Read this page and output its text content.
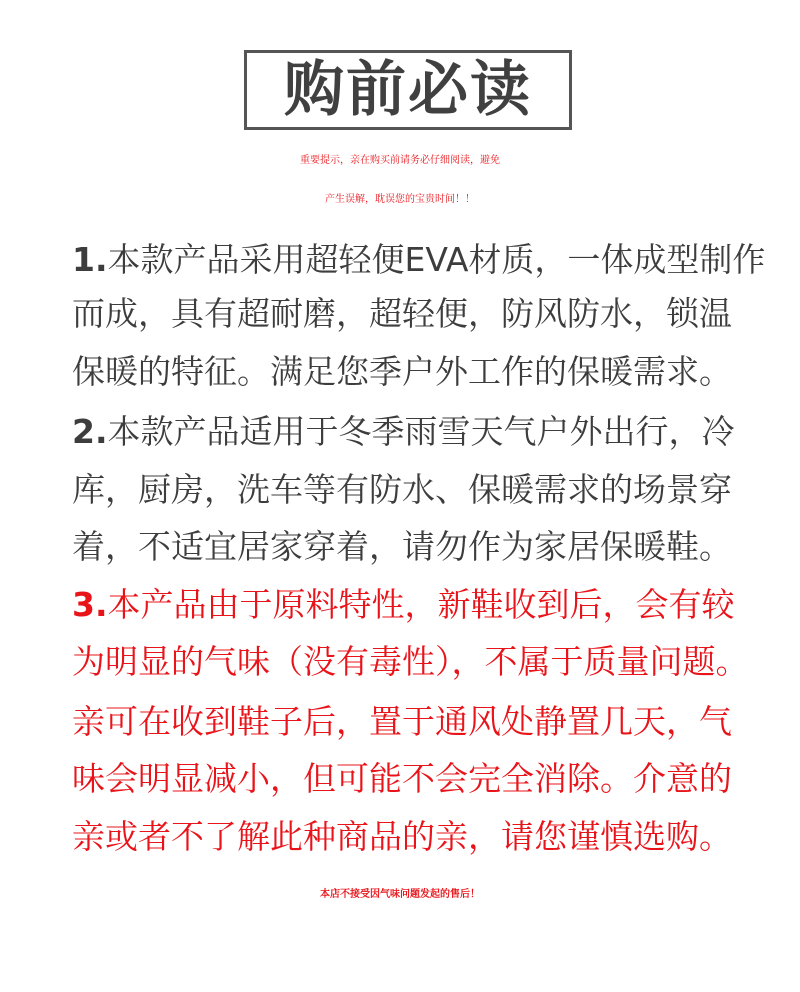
购前必读
重要提示，亲在购买前请务必仔细阅读，避免
产生误解，耽误您的宝贵时间！！
1.本款产品采用超轻便EVA材质，一体成型制作
而成，具有超耐磨，超轻便，防风防水，锁温
保暖的特征。满足您季户外工作的保暖需求。
2.本款产品适用于冬季雨雪天气户外出行，冷
库，厨房，洗车等有防水、保暖需求的场景穿
着，不适宜居家穿着，请勿作为家居保暖鞋。
3.本产品由于原料特性，新鞋收到后，会有较
为明显的气味（没有毒性），不属于质量问题。
亲可在收到鞋子后，置于通风处静置几天，气
味会明显减小，但可能不会完全消除。介意的
亲或者不了解此种商品的亲，请您谨慎选购。
本店不接受因气味问题发起的售后！
